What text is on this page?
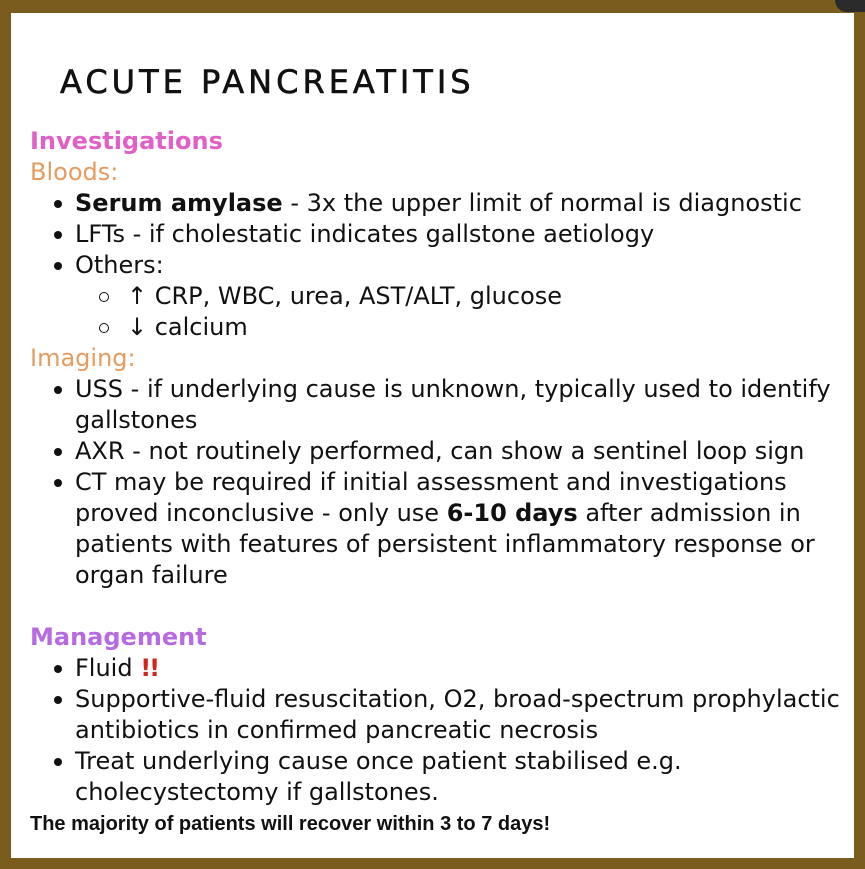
ACUTE PANCREATITIS
Investigations
Bloods:
Serum amylase - 3x the upper limit of normal is diagnostic
LFTs - if cholestatic indicates gallstone aetiology
Others:
↑ CRP, WBC, urea, AST/ALT, glucose
↓ calcium
Imaging:
USS - if underlying cause is unknown, typically used to identify gallstones
AXR - not routinely performed, can show a sentinel loop sign
CT may be required if initial assessment and investigations proved inconclusive - only use 6-10 days after admission in patients with features of persistent inflammatory response or organ failure
Management
Fluid !!
Supportive-fluid resuscitation, O2, broad-spectrum prophylactic antibiotics in confirmed pancreatic necrosis
Treat underlying cause once patient stabilised e.g. cholecystectomy if gallstones.
The majority of patients will recover within 3 to 7 days!
